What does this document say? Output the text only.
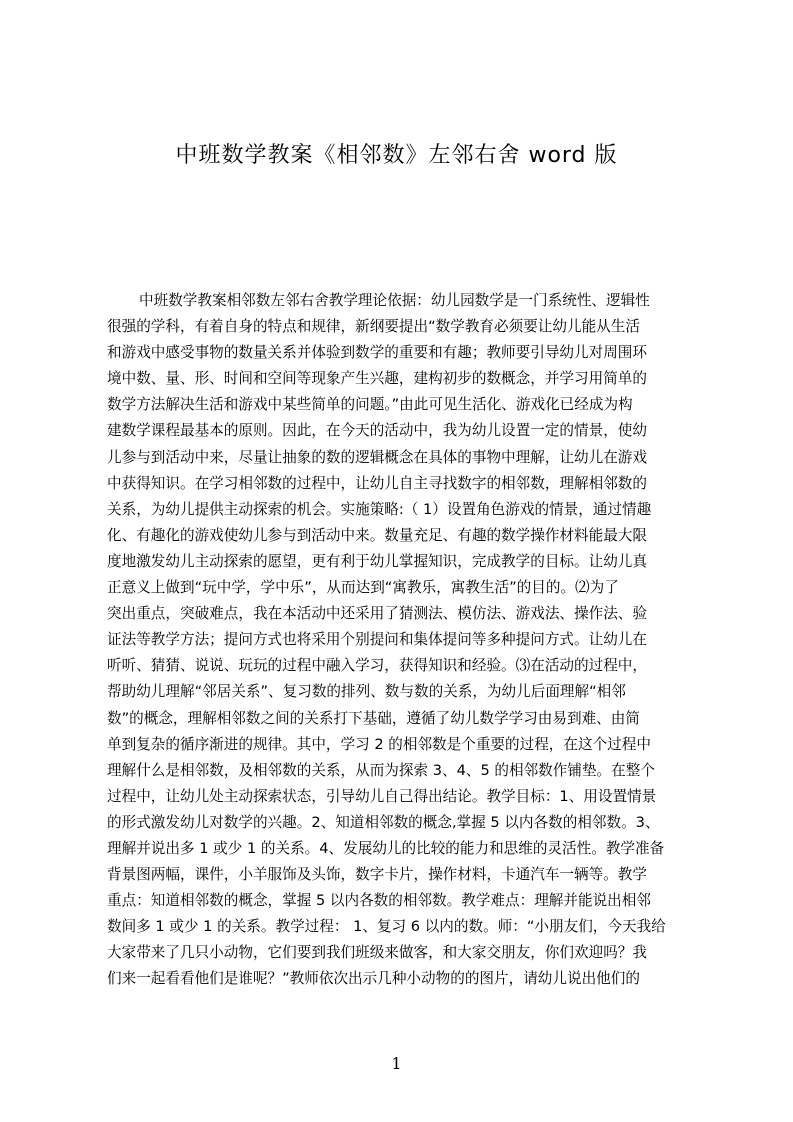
中班数学教案《相邻数》左邻右舍 word 版
中班数学教案相邻数左邻右舍教学理论依据：幼儿园数学是一门系统性、逻辑性
很强的学科，有着自身的特点和规律，新纲要提出“数学教育必须要让幼儿能从生活
和游戏中感受事物的数量关系并体验到数学的重要和有趣；教师要引导幼儿对周围环
境中数、量、形、时间和空间等现象产生兴趣，建构初步的数概念，并学习用简单的
数学方法解决生活和游戏中某些简单的问题。”由此可见生活化、游戏化已经成为构
建数学课程最基本的原则。因此，在今天的活动中，我为幼儿设置一定的情景，使幼
儿参与到活动中来，尽量让抽象的数的逻辑概念在具体的事物中理解，让幼儿在游戏
中获得知识。在学习相邻数的过程中，让幼儿自主寻找数字的相邻数，理解相邻数的
关系，为幼儿提供主动探索的机会。实施策略:（ 1）设置角色游戏的情景，通过情趣
化、有趣化的游戏使幼儿参与到活动中来。数量充足、有趣的数学操作材料能最大限
度地激发幼儿主动探索的愿望，更有利于幼儿掌握知识，完成教学的目标。让幼儿真
正意义上做到“玩中学，学中乐”，从而达到“寓教乐，寓教生活”的目的。⑵为了
突出重点，突破难点，我在本活动中还采用了猜测法、模仿法、游戏法、操作法、验
证法等教学方法；提问方式也将采用个别提问和集体提问等多种提问方式。让幼儿在
听听、猜猜、说说、玩玩的过程中融入学习，获得知识和经验。⑶在活动的过程中，
帮助幼儿理解“邻居关系”、复习数的排列、数与数的关系，为幼儿后面理解“相邻
数”的概念，理解相邻数之间的关系打下基础，遵循了幼儿数学学习由易到难、由简
单到复杂的循序渐进的规律。其中，学习 2 的相邻数是个重要的过程，在这个过程中
理解什么是相邻数，及相邻数的关系，从而为探索 3、4、5 的相邻数作铺垫。在整个
过程中，让幼儿处主动探索状态，引导幼儿自己得出结论。教学目标：1、用设置情景
的形式激发幼儿对数学的兴趣。2、知道相邻数的概念,掌握 5 以内各数的相邻数。3、
理解并说出多 1 或少 1 的关系。4、发展幼儿的比较的能力和思维的灵活性。教学准备
背景图两幅，课件，小羊服饰及头饰，数字卡片，操作材料，卡通汽车一辆等。教学
重点：知道相邻数的概念，掌握 5 以内各数的相邻数。教学难点：理解并能说出相邻
数间多 1 或少 1 的关系。教学过程： 1、复习 6 以内的数。师：“小朋友们，今天我给
大家带来了几只小动物，它们要到我们班级来做客，和大家交朋友，你们欢迎吗？我
们来一起看看他们是谁呢？”教师依次出示几种小动物的的图片，请幼儿说出他们的
1
